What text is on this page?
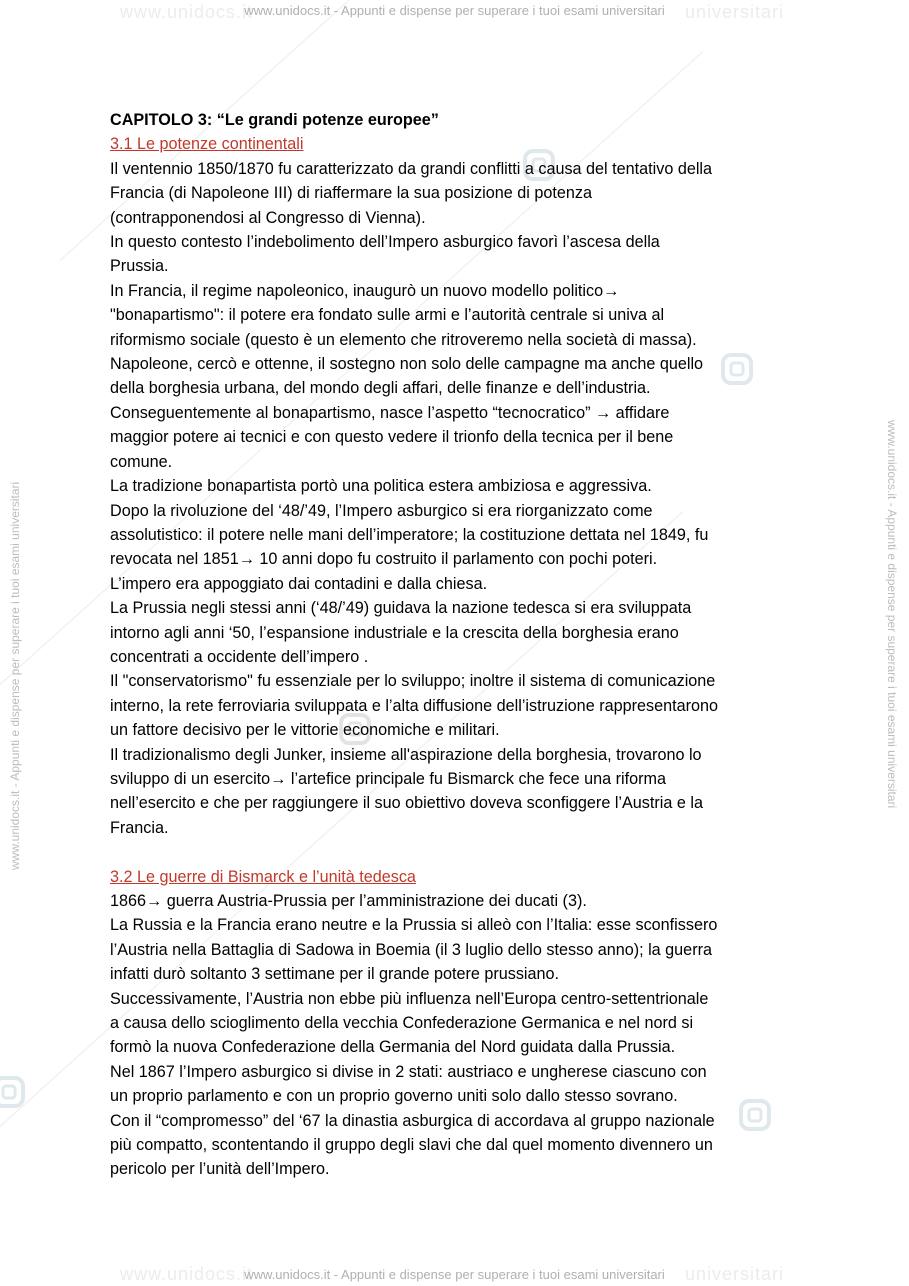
www.unidocs.it	universitari
www.unidocs.it - Appunti e dispense per superare i tuoi esami universitari
www.unidocs.it	universitari
www.unidocs.it - Appunti e dispense per superare i tuoi esami universitari
www.unidocs.it - Appunti e dispense per superare i tuoi esami universitari	www.unidocs.it - Appunti e dispense per superare i tuoi esami universitari

CAPITOLO 3: “Le grandi potenze europee”

3.1 Le potenze continentali

Il ventennio 1850/1870 fu caratterizzato da grandi conflitti a causa del tentativo della

Francia (di Napoleone III) di riaffermare la sua posizione di potenza

(contrapponendosi al Congresso di Vienna).

In questo contesto l’indebolimento dell’Impero asburgico favorì l’ascesa della

Prussia.

In Francia, il regime napoleonico, inaugurò un nuovo modello politico→

"bonapartismo": il potere era fondato sulle armi e l’autorità centrale si univa al

riformismo sociale (questo è un elemento che ritroveremo nella società di massa).

Napoleone, cercò e ottenne, il sostegno non solo delle campagne ma anche quello

della borghesia urbana, del mondo degli affari, delle finanze e dell’industria.

Conseguentemente al bonapartismo, nasce l’aspetto “tecnocratico” → affidare

maggior potere ai tecnici e con questo vedere il trionfo della tecnica per il bene

comune.

La tradizione bonapartista portò una politica estera ambiziosa e aggressiva.

Dopo la rivoluzione del ‘48/’49, l’Impero asburgico si era riorganizzato come

assolutistico: il potere nelle mani dell’imperatore; la costituzione dettata nel 1849, fu

revocata nel 1851→ 10 anni dopo fu costruito il parlamento con pochi poteri.

L’impero era appoggiato dai contadini e dalla chiesa.

La Prussia negli stessi anni (‘48/’49) guidava la nazione tedesca si era sviluppata

intorno agli anni ‘50, l’espansione industriale e la crescita della borghesia erano

concentrati a occidente dell’impero .

Il "conservatorismo" fu essenziale per lo sviluppo; inoltre il sistema di comunicazione

interno, la rete ferroviaria sviluppata e l’alta diffusione dell’istruzione rappresentarono

un fattore decisivo per le vittorie economiche e militari.

Il tradizionalismo degli Junker, insieme all'aspirazione della borghesia, trovarono lo

sviluppo di un esercito→ l’artefice principale fu Bismarck che fece una riforma

nell’esercito e che per raggiungere il suo obiettivo doveva sconfiggere l’Austria e la

Francia.

3.2 Le guerre di Bismarck e l’unità tedesca

1866→ guerra Austria-Prussia per l’amministrazione dei ducati (3).

La Russia e la Francia erano neutre e la Prussia si alleò con l’Italia: esse sconfissero

l’Austria nella Battaglia di Sadowa in Boemia (il 3 luglio dello stesso anno); la guerra

infatti durò soltanto 3 settimane per il grande potere prussiano.

Successivamente, l’Austria non ebbe più influenza nell’Europa centro-settentrionale

a causa dello scioglimento della vecchia Confederazione Germanica e nel nord si

formò la nuova Confederazione della Germania del Nord guidata dalla Prussia.

Nel 1867 l’Impero asburgico si divise in 2 stati: austriaco e ungherese ciascuno con

un proprio parlamento e con un proprio governo uniti solo dallo stesso sovrano.

Con il “compromesso” del ‘67 la dinastia asburgica di accordava al gruppo nazionale

più compatto, scontentando il gruppo degli slavi che dal quel momento divennero un

pericolo per l’unità dell’Impero.
